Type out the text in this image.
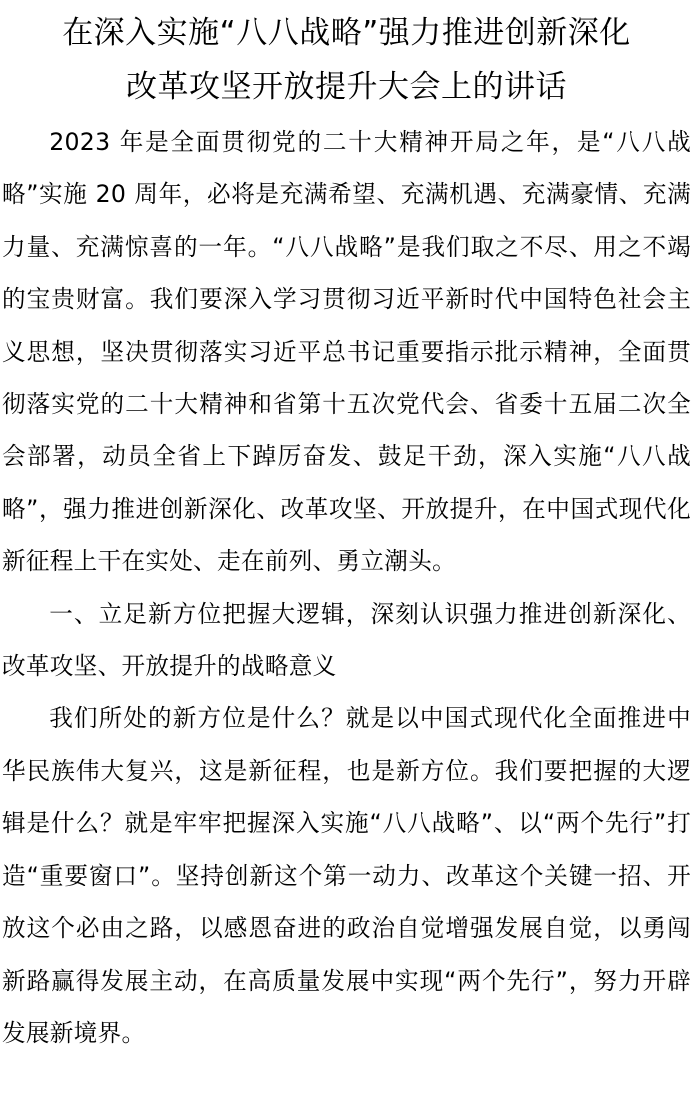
在深入实施“八八战略”强力推进创新深化
改革攻坚开放提升大会上的讲话

2023 年是全面贯彻党的二十大精神开局之年，是“八八战略”实施 20 周年，必将是充满希望、充满机遇、充满豪情、充满力量、充满惊喜的一年。“八八战略”是我们取之不尽、用之不竭的宝贵财富。我们要深入学习贯彻习近平新时代中国特色社会主义思想，坚决贯彻落实习近平总书记重要指示批示精神，全面贯彻落实党的二十大精神和省第十五次党代会、省委十五届二次全会部署，动员全省上下踔厉奋发、鼓足干劲，深入实施“八八战略”，强力推进创新深化、改革攻坚、开放提升，在中国式现代化新征程上干在实处、走在前列、勇立潮头。

一、立足新方位把握大逻辑，深刻认识强力推进创新深化、改革攻坚、开放提升的战略意义

我们所处的新方位是什么？就是以中国式现代化全面推进中华民族伟大复兴，这是新征程，也是新方位。我们要把握的大逻辑是什么？就是牢牢把握深入实施“八八战略”、以“两个先行”打造“重要窗口”。坚持创新这个第一动力、改革这个关键一招、开放这个必由之路，以感恩奋进的政治自觉增强发展自觉，以勇闯新路赢得发展主动，在高质量发展中实现“两个先行”，努力开辟发展新境界。
